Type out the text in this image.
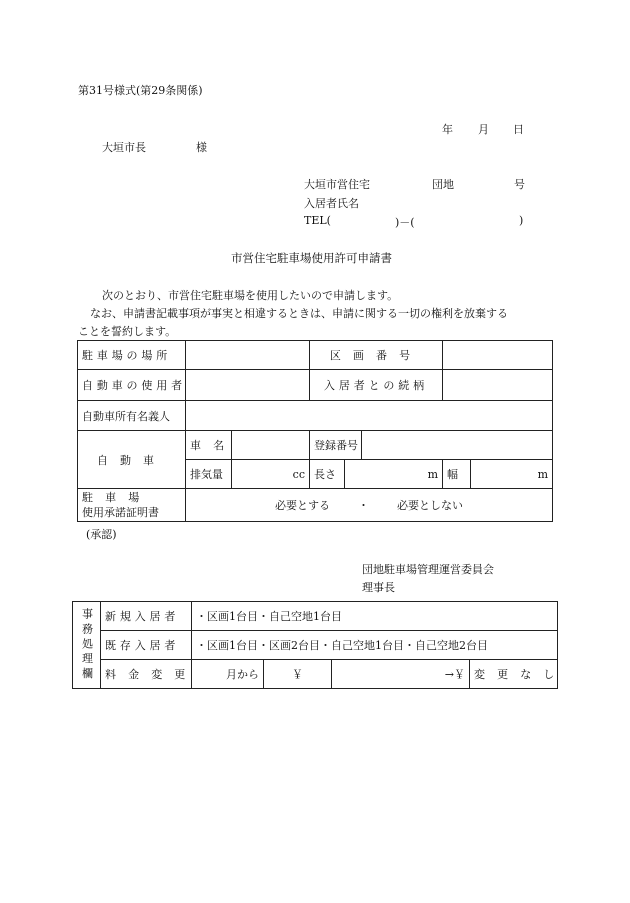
第31号様式(第29条関係)
年 月 日
大垣市長	様
大垣市営住宅	団地	号
入居者氏名
TEL(	)－(	)
市営住宅駐車場使用許可申請書
次のとおり、市営住宅駐車場を使用したいので申請します。
なお、申請書記載事項が事実と相違するときは、申請に関する一切の権利を放棄する
ことを誓約します。
駐車場の場所			区画番号				
自動車の使用者			入居者との続柄				
自動車所有名義人							
自動車	車名		登録番号				
	排気量	cc	長さ	m		幅	m

駐車場
使用承諾証明書	必要とする ・ 必要としない						
(承認)
団地駐車場管理運営委員会
理事長
事務処理欄	新規入居者	・区画1台目・自己空地1台目			
	既存入居者	・区画1台目・区画2台目・自己空地1台目・自己空地2台目			
	料金変更	月から	￥	→￥	変更なし
